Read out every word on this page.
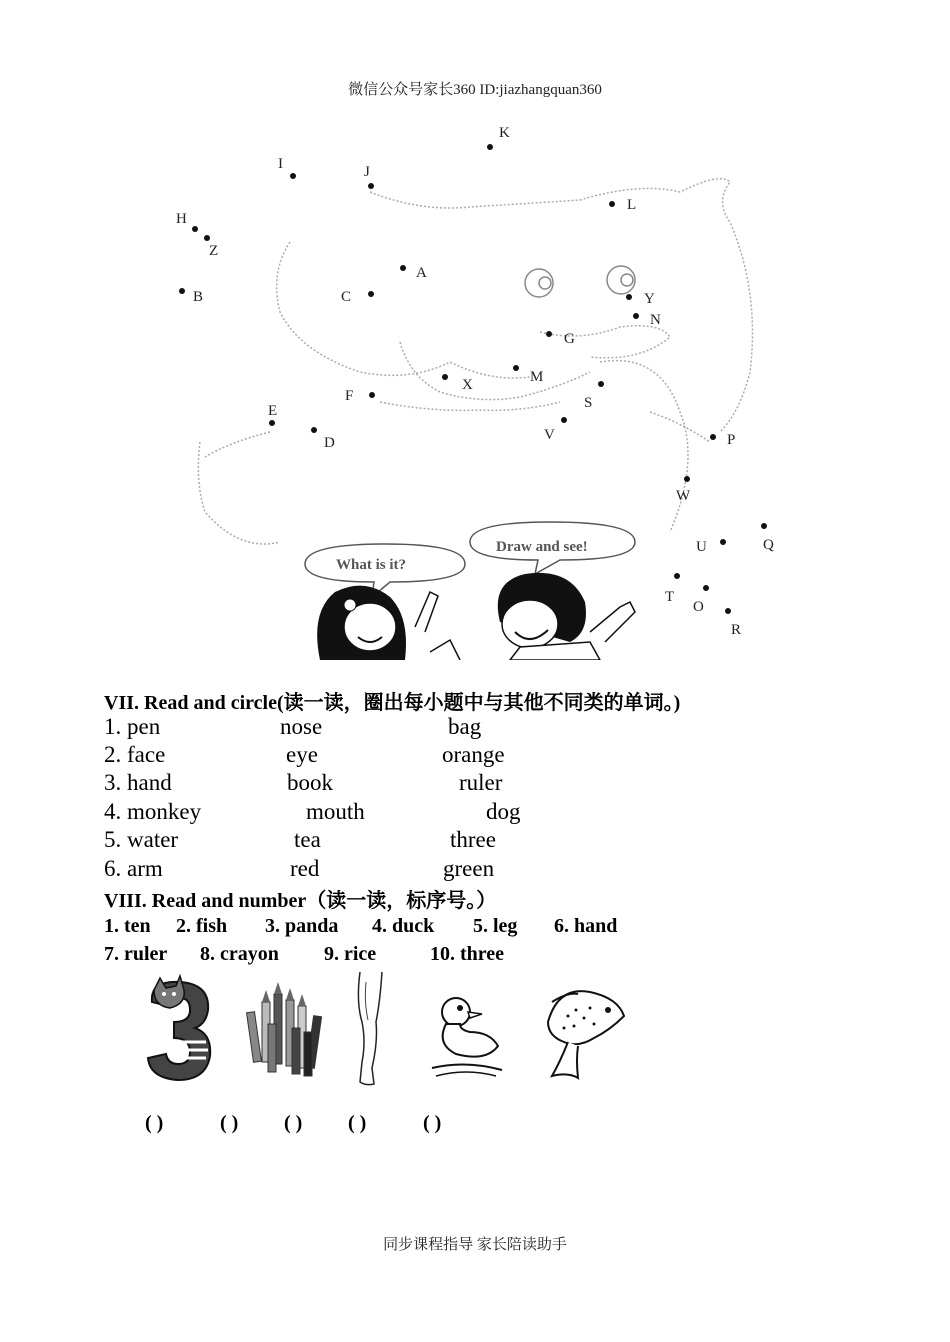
微信公众号家长360 ID:jiazhangquan360
K
I	J
L
H
Z
A
B	C	Y
N
G
M
X
F	S
E
D	V	P
W
U	Q
T
O
R
What is it?
Draw and see!
VII. Read and circle(读一读，圈出每小题中与其他不同类的单词。)
1. pen	nose	bag
2. face	eye	orange
3. hand	book	ruler
4. monkey	mouth	dog
5. water	tea	three
6. arm	red	green
VIII. Read and number（读一读，标序号。）
1. ten 2. fish 3. panda 4. duck 5. leg 6. hand
7. ruler 8. crayon 9. rice	10. three
( )	( ) ( ) ( )	( )
同步课程指导 家长陪读助手
